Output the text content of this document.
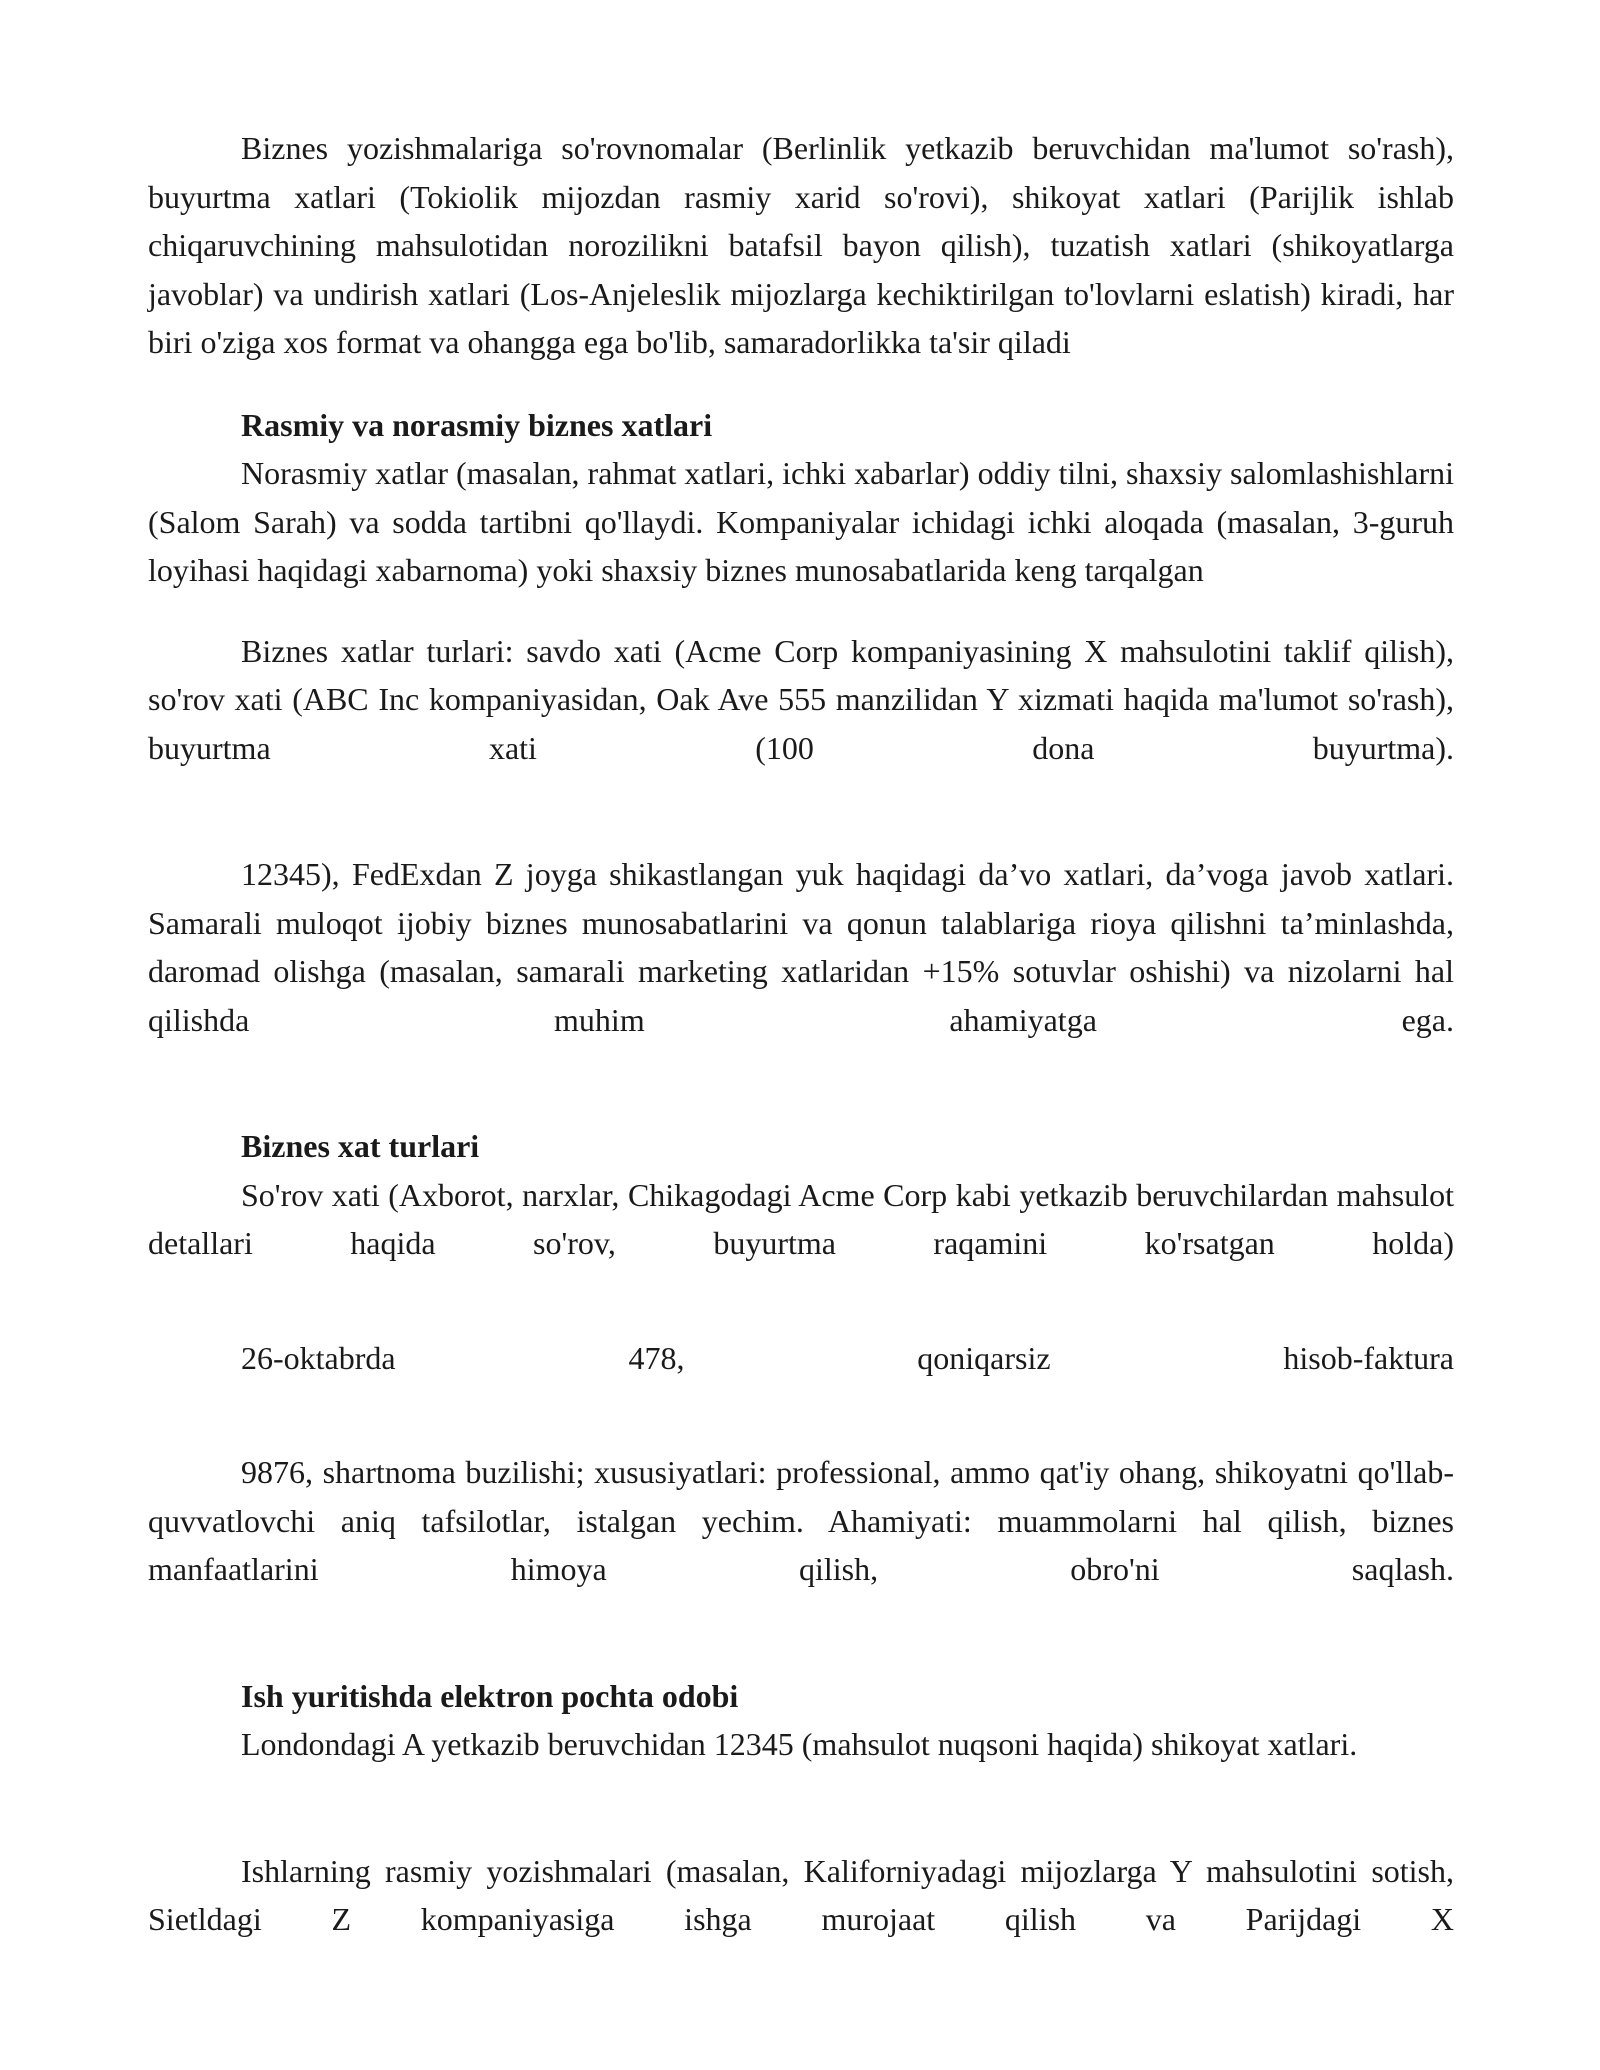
Biznes yozishmalariga so'rovnomalar (Berlinlik yetkazib beruvchidan ma'lumot so'rash), buyurtma xatlari (Tokiolik mijozdan rasmiy xarid so'rovi), shikoyat xatlari (Parijlik ishlab chiqaruvchining mahsulotidan norozilikni batafsil bayon qilish), tuzatish xatlari (shikoyatlarga javoblar) va undirish xatlari (Los-Anjeleslik mijozlarga kechiktirilgan to'lovlarni eslatish) kiradi, har biri o'ziga xos format va ohangga ega bo'lib, samaradorlikka ta'sir qiladi

Rasmiy va norasmiy biznes xatlari

Norasmiy xatlar (masalan, rahmat xatlari, ichki xabarlar) oddiy tilni, shaxsiy salomlashishlarni (Salom Sarah) va sodda tartibni qo'llaydi. Kompaniyalar ichidagi ichki aloqada (masalan, 3-guruh loyihasi haqidagi xabarnoma) yoki shaxsiy biznes munosabatlarida keng tarqalgan

Biznes xatlar turlari: savdo xati (Acme Corp kompaniyasining X mahsulotini taklif qilish), so'rov xati (ABC Inc kompaniyasidan, Oak Ave 555 manzilidan Y xizmati haqida ma'lumot so'rash), buyurtma xati (100 dona buyurtma).

12345), FedExdan Z joyga shikastlangan yuk haqidagi da’vo xatlari, da’voga javob xatlari. Samarali muloqot ijobiy biznes munosabatlarini va qonun talablariga rioya qilishni ta’minlashda, daromad olishga (masalan, samarali marketing xatlaridan +15% sotuvlar oshishi) va nizolarni hal qilishda muhim ahamiyatga ega.

Biznes xat turlari

So'rov xati (Axborot, narxlar, Chikagodagi Acme Corp kabi yetkazib beruvchilardan mahsulot detallari haqida so'rov, buyurtma raqamini ko'rsatgan holda)

26-oktabrda 478, qoniqarsiz hisob-faktura

9876, shartnoma buzilishi; xususiyatlari: professional, ammo qat'iy ohang, shikoyatni qo'llab-quvvatlovchi aniq tafsilotlar, istalgan yechim. Ahamiyati: muammolarni hal qilish, biznes manfaatlarini himoya qilish, obro'ni saqlash.

Ish yuritishda elektron pochta odobi

Londondagi A yetkazib beruvchidan 12345 (mahsulot nuqsoni haqida) shikoyat xatlari.

Ishlarning rasmiy yozishmalari (masalan, Kaliforniyadagi mijozlarga Y mahsulotini sotish, Sietldagi Z kompaniyasiga ishga murojaat qilish va Parijdagi X
